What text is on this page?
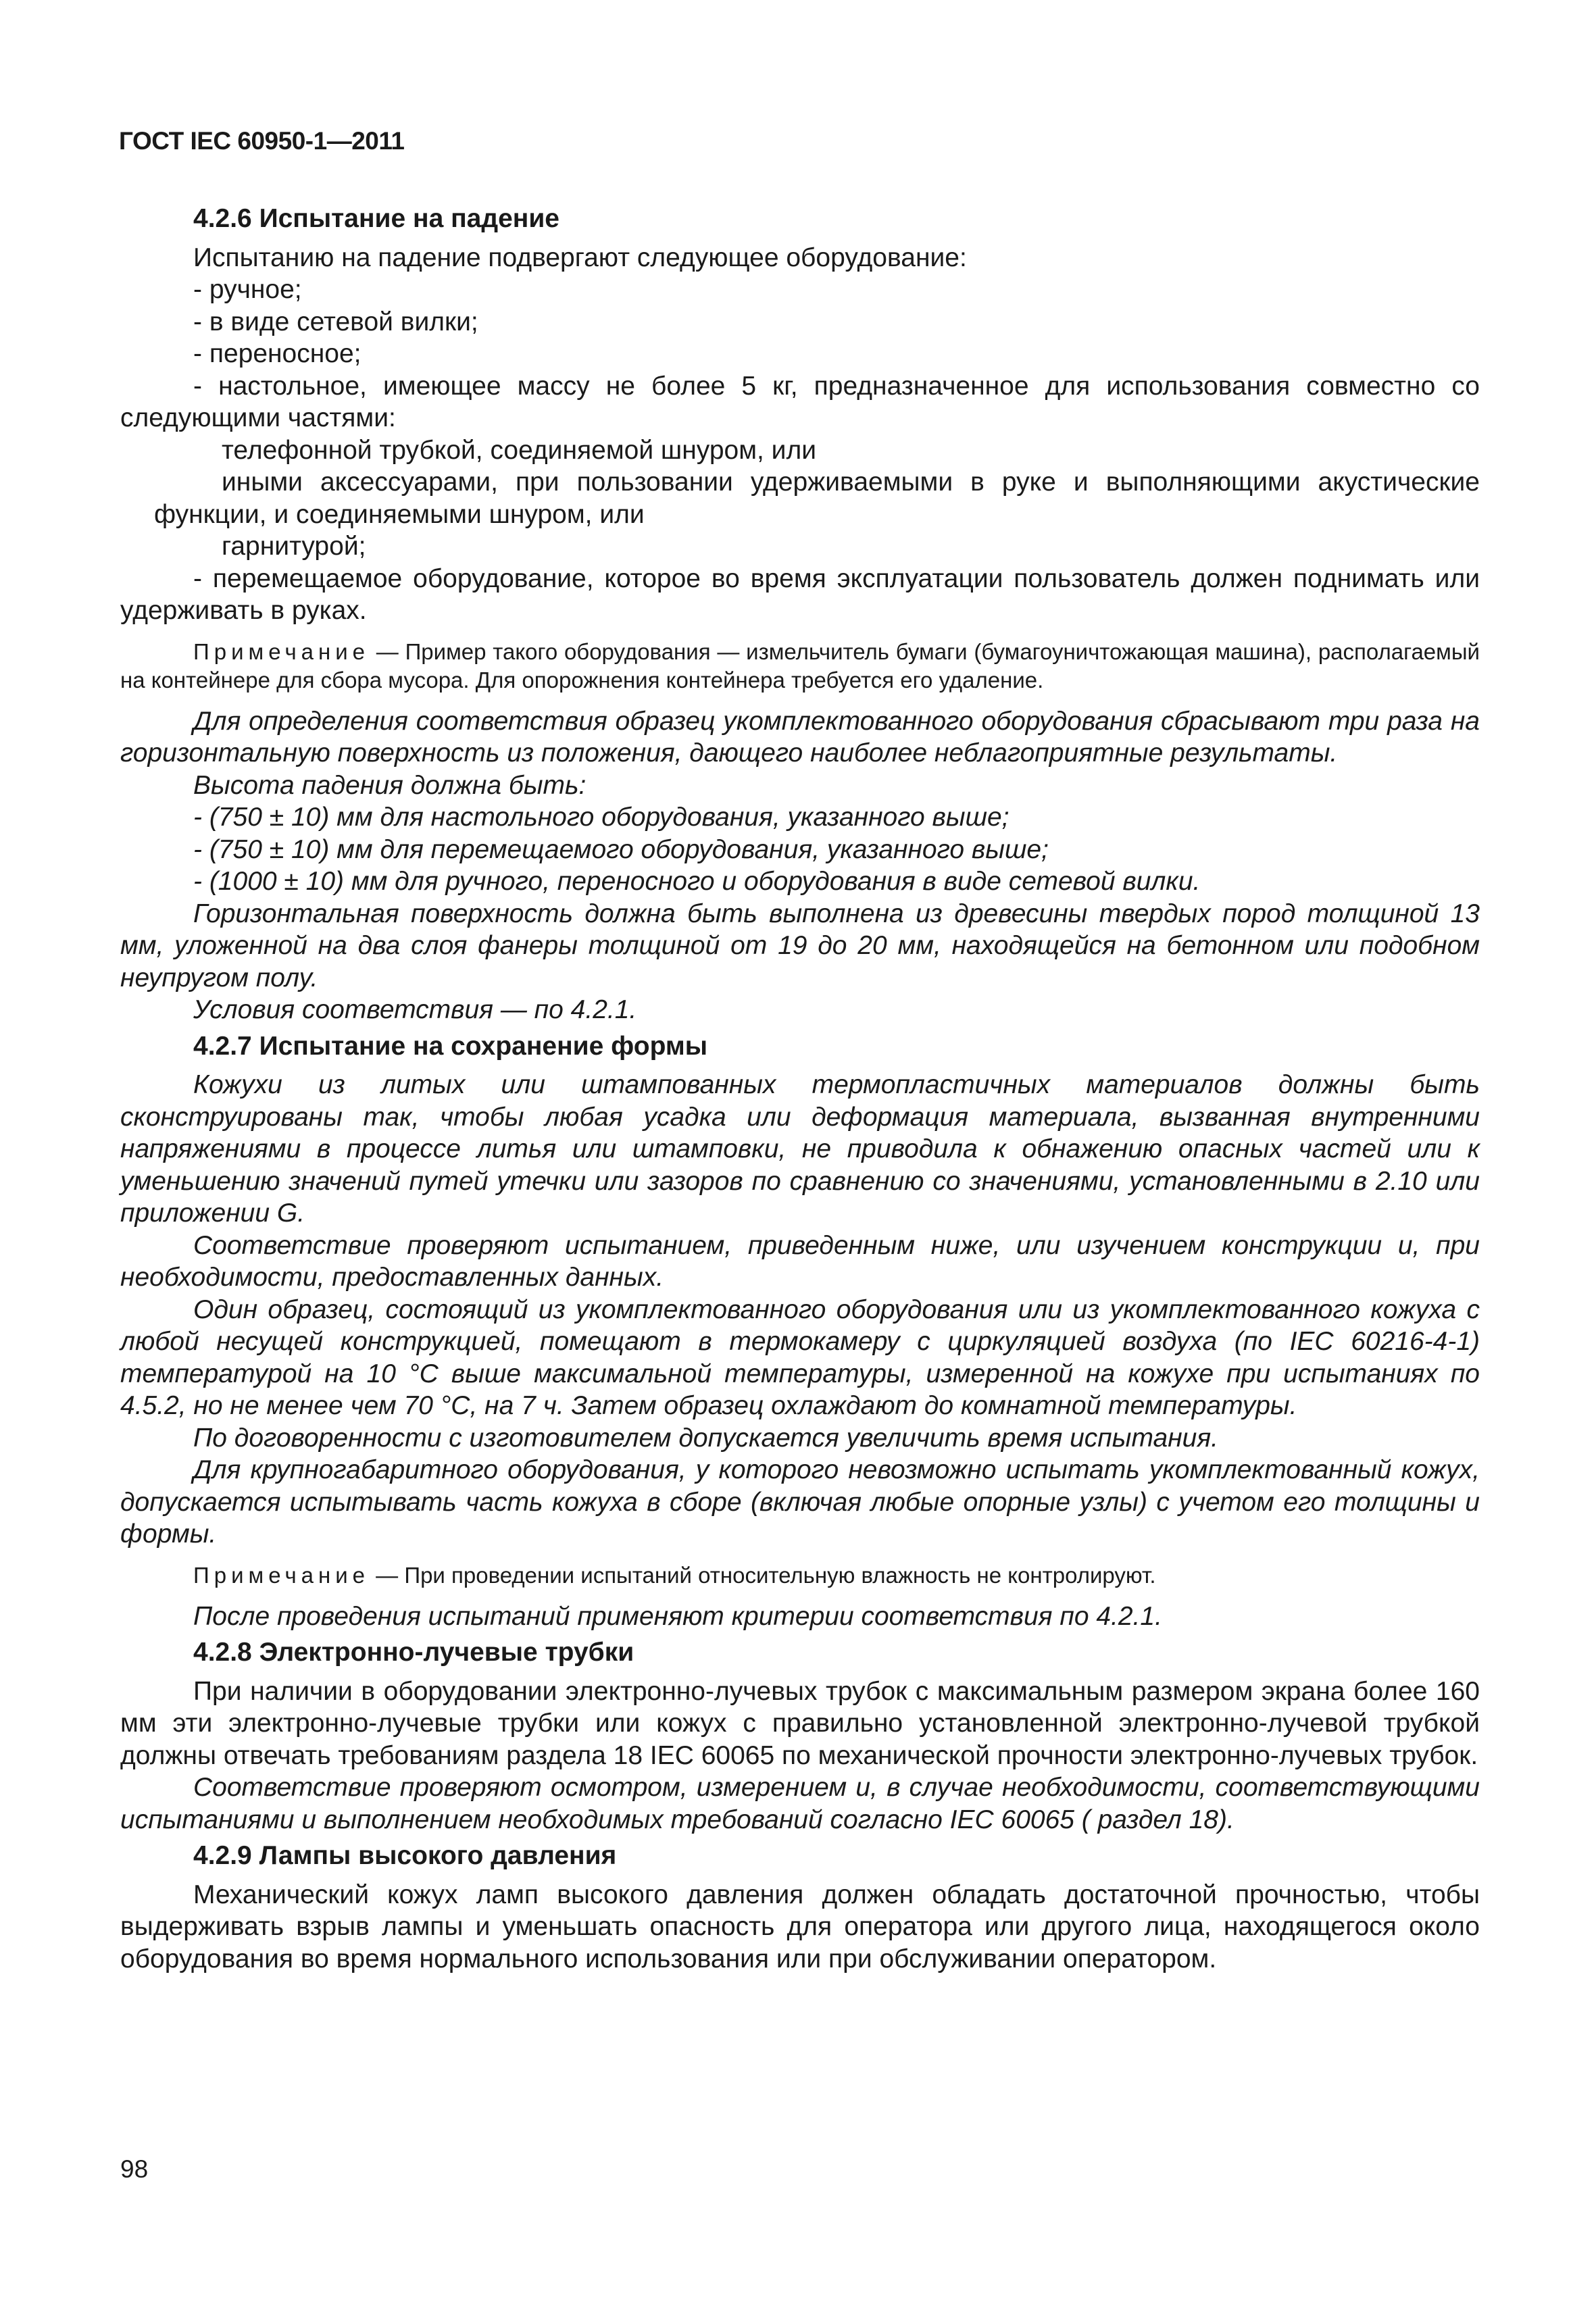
ГОСТ IEC 60950-1—2011
4.2.6 Испытание на падение

Испытанию на падение подвергают следующее оборудование:

- ручное;

- в виде сетевой вилки;

- переносное;

- настольное, имеющее массу не более 5 кг, предназначенное для использования совместно со следующими частями:

телефонной трубкой, соединяемой шнуром, или

иными аксессуарами, при пользовании удерживаемыми в руке и выполняющими акустические функции, и соединяемыми шнуром, или

гарнитурой;

- перемещаемое оборудование, которое во время эксплуатации пользователь должен поднимать или удерживать в руках.

Примечание — Пример такого оборудования — измельчитель бумаги (бумагоуничтожающая машина), располагаемый на контейнере для сбора мусора. Для опорожнения контейнера требуется его удаление.

Для определения соответствия образец укомплектованного оборудования сбрасывают три раза на горизонтальную поверхность из положения, дающего наиболее неблагоприятные результаты.

Высота падения должна быть:

- (750 ± 10) мм для настольного оборудования, указанного выше;

- (750 ± 10) мм для перемещаемого оборудования, указанного выше;

- (1000 ± 10) мм для ручного, переносного и оборудования в виде сетевой вилки.

Горизонтальная поверхность должна быть выполнена из древесины твердых пород толщиной 13 мм, уложенной на два слоя фанеры толщиной от 19 до 20 мм, находящейся на бетонном или подобном неупругом полу.

Условия соответствия — по 4.2.1.

4.2.7 Испытание на сохранение формы

Кожухи из литых или штампованных термопластичных материалов должны быть сконструированы так, чтобы любая усадка или деформация материала, вызванная внутренними напряжениями в процессе литья или штамповки, не приводила к обнажению опасных частей или к уменьшению значений путей утечки или зазоров по сравнению со значениями, установленными в 2.10 или приложении G.

Соответствие проверяют испытанием, приведенным ниже, или изучением конструкции и, при необходимости, предоставленных данных.

Один образец, состоящий из укомплектованного оборудования или из укомплектованного кожуха с любой несущей конструкцией, помещают в термокамеру с циркуляцией воздуха (по IEC 60216-4-1) температурой на 10 °C выше максимальной температуры, измеренной на кожухе при испытаниях по 4.5.2, но не менее чем 70 °C, на 7 ч. Затем образец охлаждают до комнатной температуры.

По договоренности с изготовителем допускается увеличить время испытания.

Для крупногабаритного оборудования, у которого невозможно испытать укомплектованный кожух, допускается испытывать часть кожуха в сборе (включая любые опорные узлы) с учетом его толщины и формы.

Примечание — При проведении испытаний относительную влажность не контролируют.

После проведения испытаний применяют критерии соответствия по 4.2.1.

4.2.8 Электронно-лучевые трубки

При наличии в оборудовании электронно-лучевых трубок с максимальным размером экрана более 160 мм эти электронно-лучевые трубки или кожух с правильно установленной электронно-лучевой трубкой должны отвечать требованиям раздела 18 IEC 60065 по механической прочности электронно-лучевых трубок.

Соответствие проверяют осмотром, измерением и, в случае необходимости, соответствующими испытаниями и выполнением необходимых требований согласно IEC 60065 ( раздел 18).

4.2.9 Лампы высокого давления

Механический кожух ламп высокого давления должен обладать достаточной прочностью, чтобы выдерживать взрыв лампы и уменьшать опасность для оператора или другого лица, находящегося около оборудования во время нормального использования или при обслуживании оператором.

98
